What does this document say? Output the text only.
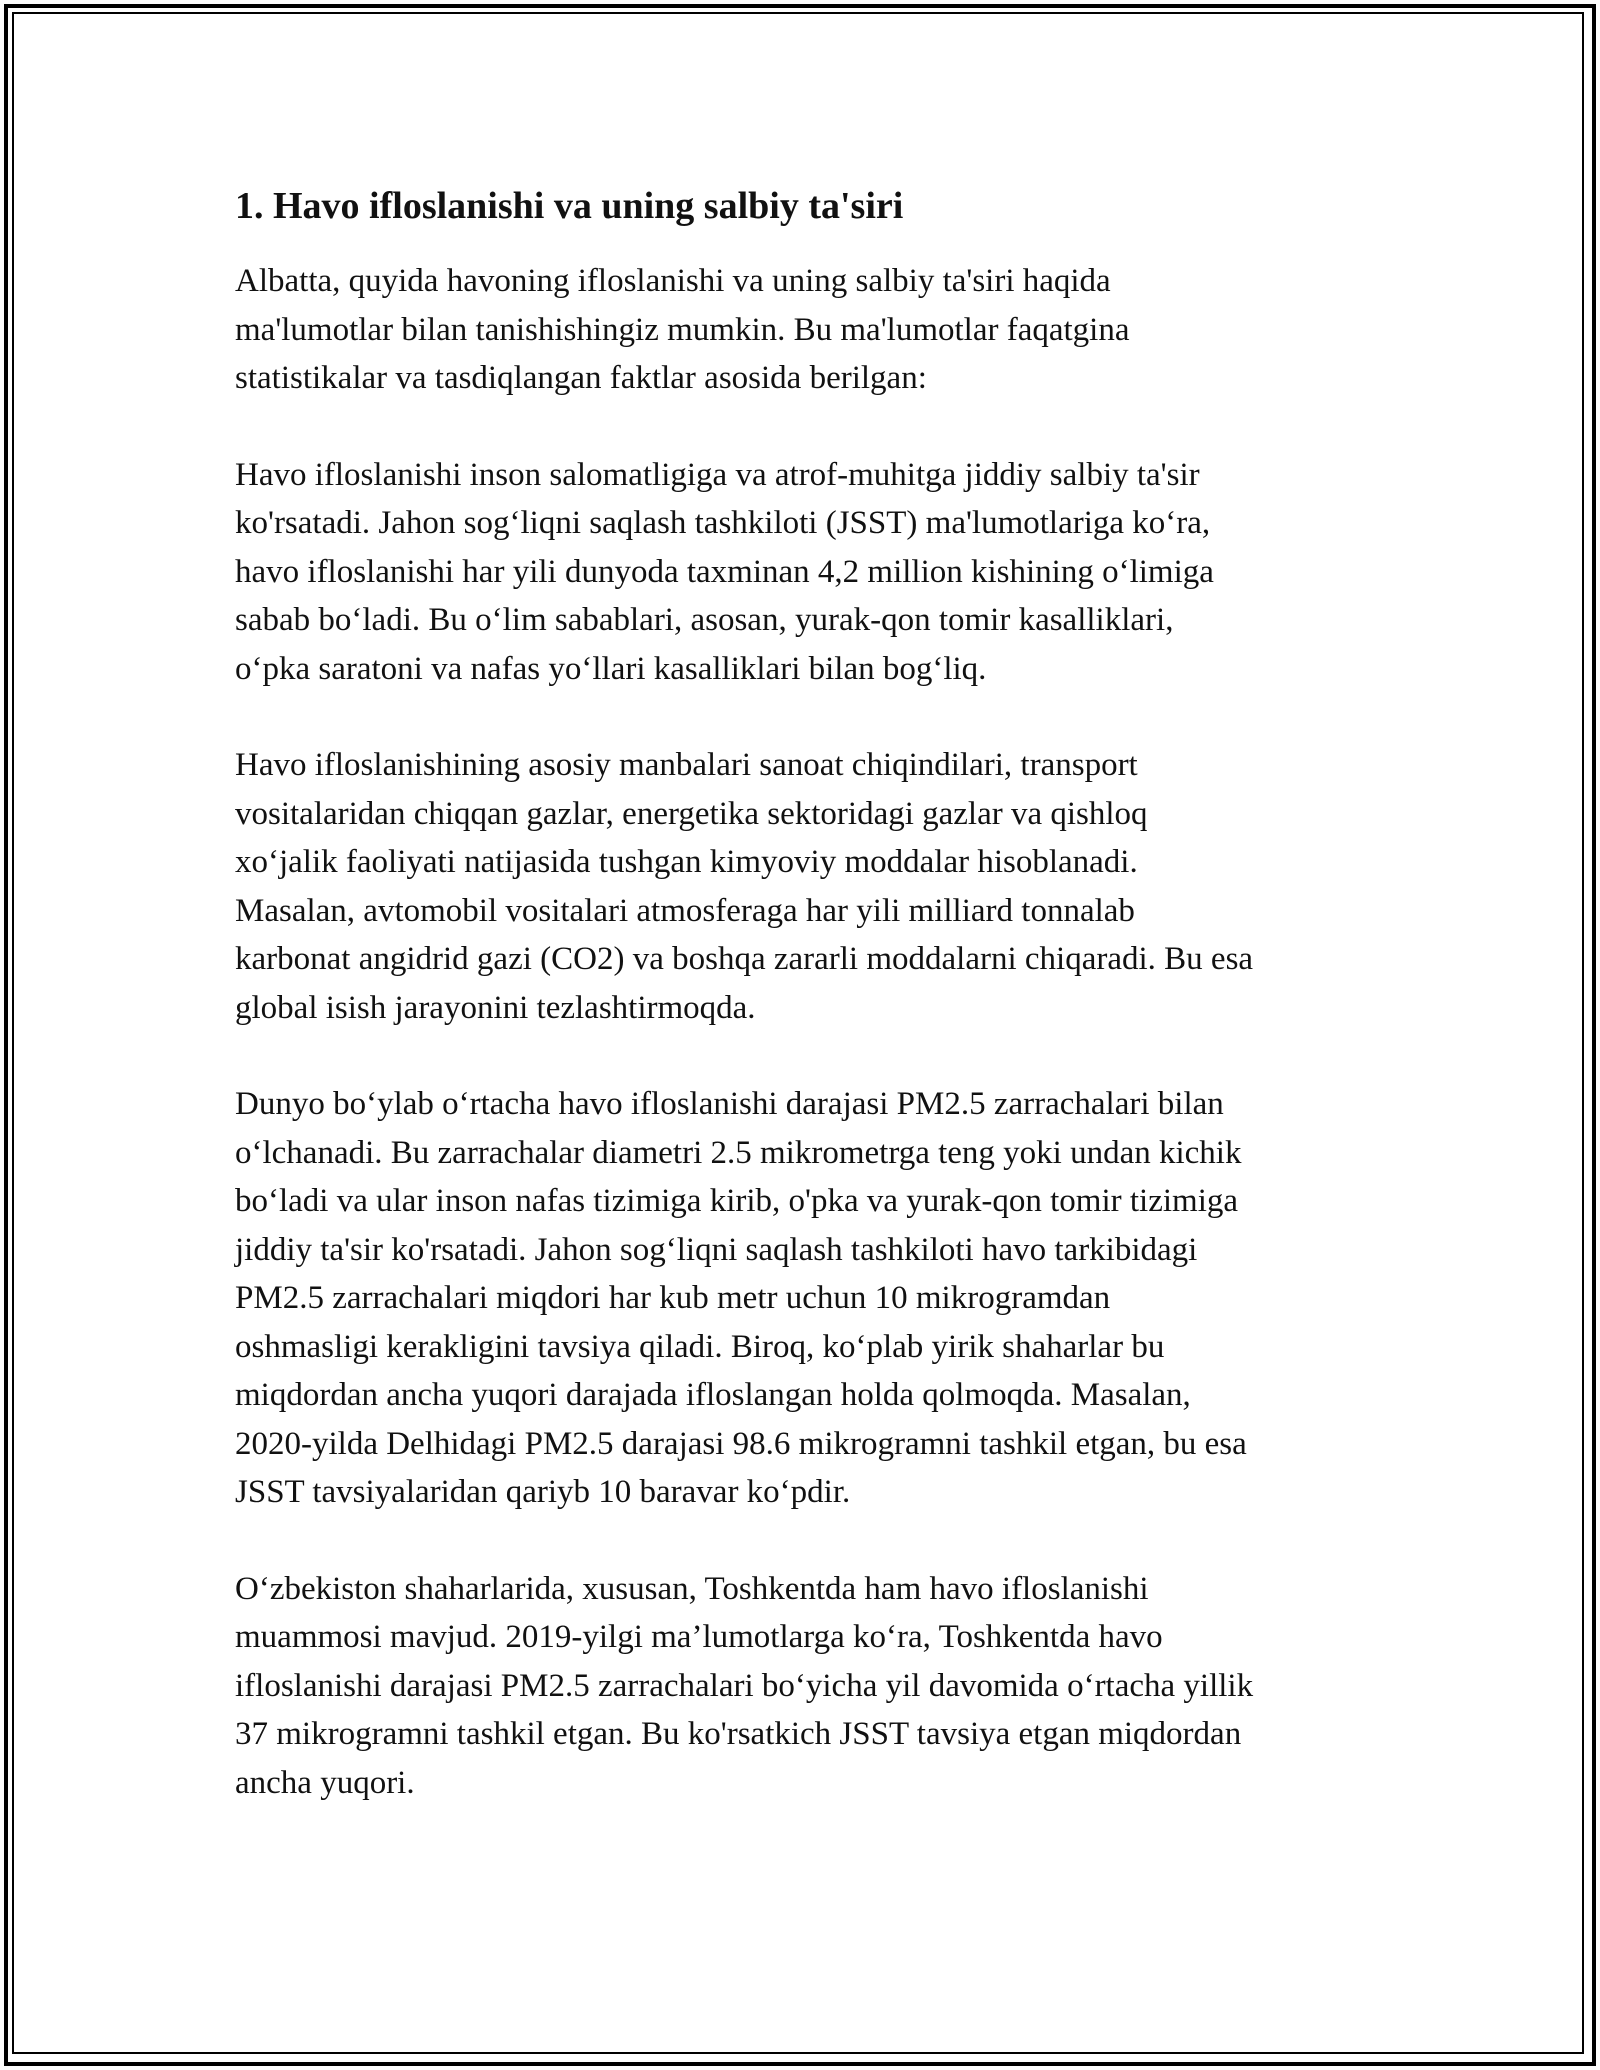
1. Havo ifloslanishi va uning salbiy ta'siri

Albatta, quyida havoning ifloslanishi va uning salbiy ta'siri haqida
ma'lumotlar bilan tanishishingiz mumkin. Bu ma'lumotlar faqatgina
statistikalar va tasdiqlangan faktlar asosida berilgan:

Havo ifloslanishi inson salomatligiga va atrof-muhitga jiddiy salbiy ta'sir
ko'rsatadi. Jahon sog‘liqni saqlash tashkiloti (JSST) ma'lumotlariga ko‘ra,
havo ifloslanishi har yili dunyoda taxminan 4,2 million kishining o‘limiga
sabab bo‘ladi. Bu o‘lim sabablari, asosan, yurak-qon tomir kasalliklari,
o‘pka saratoni va nafas yo‘llari kasalliklari bilan bog‘liq.

Havo ifloslanishining asosiy manbalari sanoat chiqindilari, transport
vositalaridan chiqqan gazlar, energetika sektoridagi gazlar va qishloq
xo‘jalik faoliyati natijasida tushgan kimyoviy moddalar hisoblanadi.
Masalan, avtomobil vositalari atmosferaga har yili milliard tonnalab
karbonat angidrid gazi (CO2) va boshqa zararli moddalarni chiqaradi. Bu esa
global isish jarayonini tezlashtirmoqda.

Dunyo bo‘ylab o‘rtacha havo ifloslanishi darajasi PM2.5 zarrachalari bilan
o‘lchanadi. Bu zarrachalar diametri 2.5 mikrometrga teng yoki undan kichik
bo‘ladi va ular inson nafas tizimiga kirib, o'pka va yurak-qon tomir tizimiga
jiddiy ta'sir ko'rsatadi. Jahon sog‘liqni saqlash tashkiloti havo tarkibidagi
PM2.5 zarrachalari miqdori har kub metr uchun 10 mikrogramdan
oshmasligi kerakligini tavsiya qiladi. Biroq, ko‘plab yirik shaharlar bu
miqdordan ancha yuqori darajada ifloslangan holda qolmoqda. Masalan,
2020-yilda Delhidagi PM2.5 darajasi 98.6 mikrogramni tashkil etgan, bu esa
JSST tavsiyalaridan qariyb 10 baravar ko‘pdir.

O‘zbekiston shaharlarida, xususan, Toshkentda ham havo ifloslanishi
muammosi mavjud. 2019-yilgi ma’lumotlarga ko‘ra, Toshkentda havo
ifloslanishi darajasi PM2.5 zarrachalari bo‘yicha yil davomida o‘rtacha yillik
37 mikrogramni tashkil etgan. Bu ko'rsatkich JSST tavsiya etgan miqdordan
ancha yuqori.
